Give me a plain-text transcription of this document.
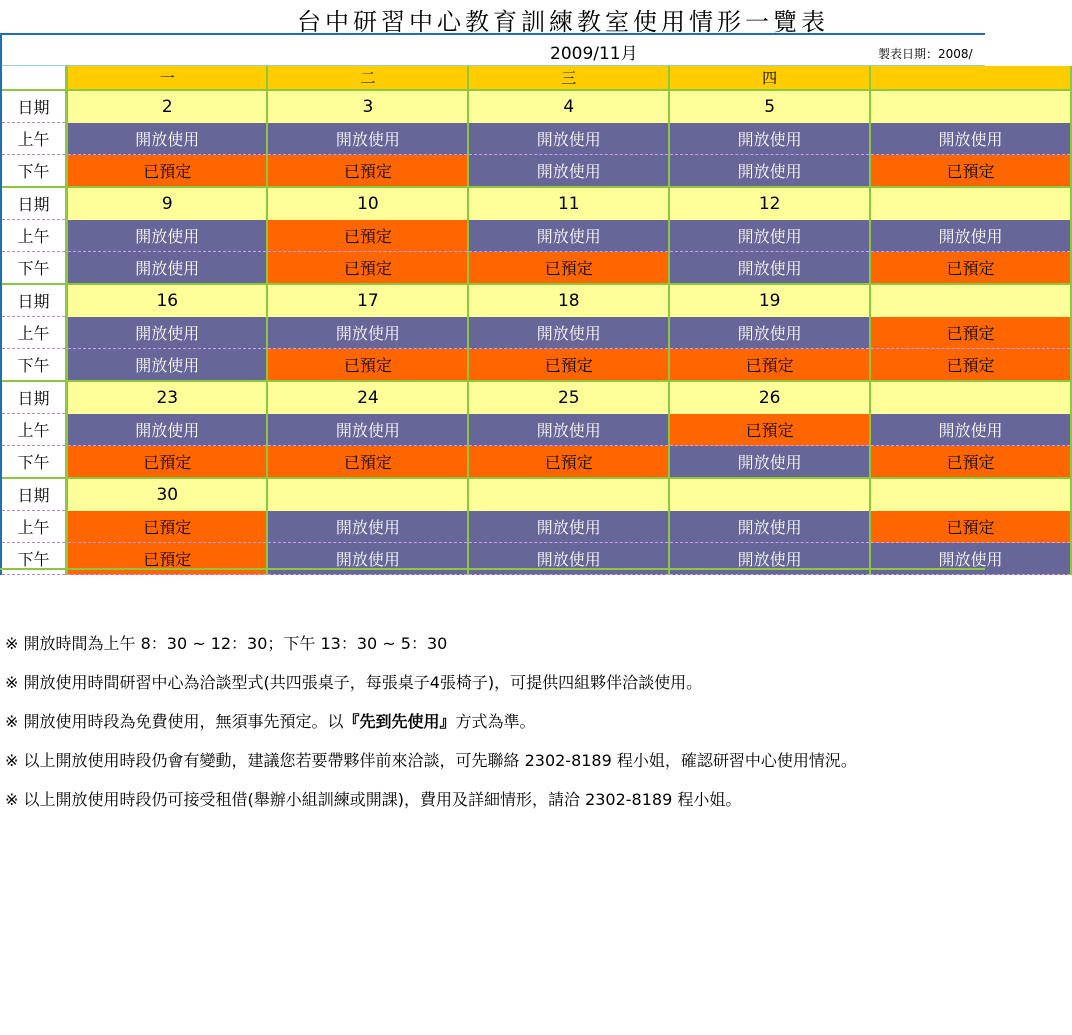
台中研習中心教育訓練教室使用情形一覽表
2009/11月	製表日期：2008/
	一	二	三	四	
日期	2	3	4	5	
上午	開放使用	開放使用	開放使用	開放使用	開放使用
下午	已預定	已預定	開放使用	開放使用	已預定
日期	9	10	11	12	
上午	開放使用	已預定	開放使用	開放使用	開放使用
下午	開放使用	已預定	已預定	開放使用	已預定
日期	16	17	18	19	
上午	開放使用	開放使用	開放使用	開放使用	已預定
下午	開放使用	已預定	已預定	已預定	已預定
日期	23	24	25	26	
上午	開放使用	開放使用	開放使用	已預定	開放使用
下午	已預定	已預定	已預定	開放使用	已預定
日期	30				
上午	已預定	開放使用	開放使用	開放使用	已預定
下午	已預定	開放使用	開放使用	開放使用	開放使用

※ 開放時間為上午 8：30 ~ 12：30；下午 13：30 ~ 5：30

※ 開放使用時間研習中心為洽談型式(共四張桌子，每張桌子4張椅子)，可提供四組夥伴洽談使用。

※ 開放使用時段為免費使用，無須事先預定。以『先到先使用』方式為準。

※ 以上開放使用時段仍會有變動，建議您若要帶夥伴前來洽談，可先聯絡 2302-8189 程小姐，確認研習中心使用情況。

※ 以上開放使用時段仍可接受租借(舉辦小組訓練或開課)，費用及詳細情形，請洽 2302-8189 程小姐。
